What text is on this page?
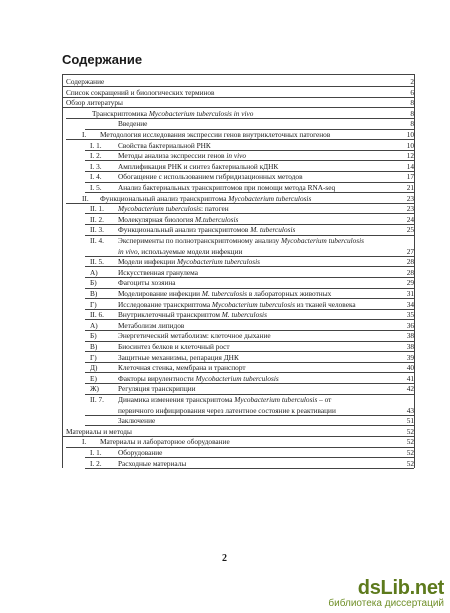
Содержание
Содержание	2
Список сокращений и биологических терминов	6
Обзор литературы	8
Транскриптомика Mycobacterium tuberculosis in vivo	8
Введение	8
I. Методология исследования экспрессии генов внутриклеточных патогенов	10
I. 1. Свойства бактериальной РНК	10
I. 2. Методы анализа экспрессии генов in vivo	12
I. 3. Амплификация РНК и синтез бактериальной кДНК	14
I. 4. Обогащение с использованием гибридизационных методов	17
I. 5. Анализ бактериальных транскриптомов при помощи метода RNA-seq	21
II. Функциональный анализ транскриптома Mycobacterium tuberculosis	23
II. 1. Mycobacterium tuberculosis: патоген	23
II. 2. Молекулярная биология M.tuberculosis	24
II. 3. Функциональный анализ транскриптомов M. tuberculosis	25
II. 4. Эксперименты по полнотранскриптомному анализу Mycobacterium tuberculosis
in vivo, используемые модели инфекции	27
II. 5. Модели инфекции Mycobacterium tuberculosis	28
А)	Искусственная гранулема	28
Б)	Фагоциты хозяина	29
В)	Моделирование инфекции M. tuberculosis в лабораторных животных	31
Г)	Исследование транскриптома Mycobacterium tuberculosis из тканей человека	34
II. 6. Внутриклеточный транскриптом M. tuberculosis	35
А)	Метаболизм липидов	36
Б)	Энергетический метаболизм: клеточное дыхание	38
В)	Биосинтез белков и клеточный рост	38
Г)	Защитные механизмы, репарация ДНК	39
Д)	Клеточная стенка, мембрана и транспорт	40
Е)	Факторы вирулентности Mycobacterium tuberculosis	41
Ж)	Регуляция транскрипции	42
II. 7. Динамика изменения транскриптома Mycobacterium tuberculosis – от
первичного инфицирования через латентное состояние к реактивации	43
Заключение	51
Материалы и методы	52
I. Материалы и лабораторное оборудование	52
I. 1. Оборудование	52
I. 2. Расходные материалы	52
2
dsLib.net
библиотека диссертаций
